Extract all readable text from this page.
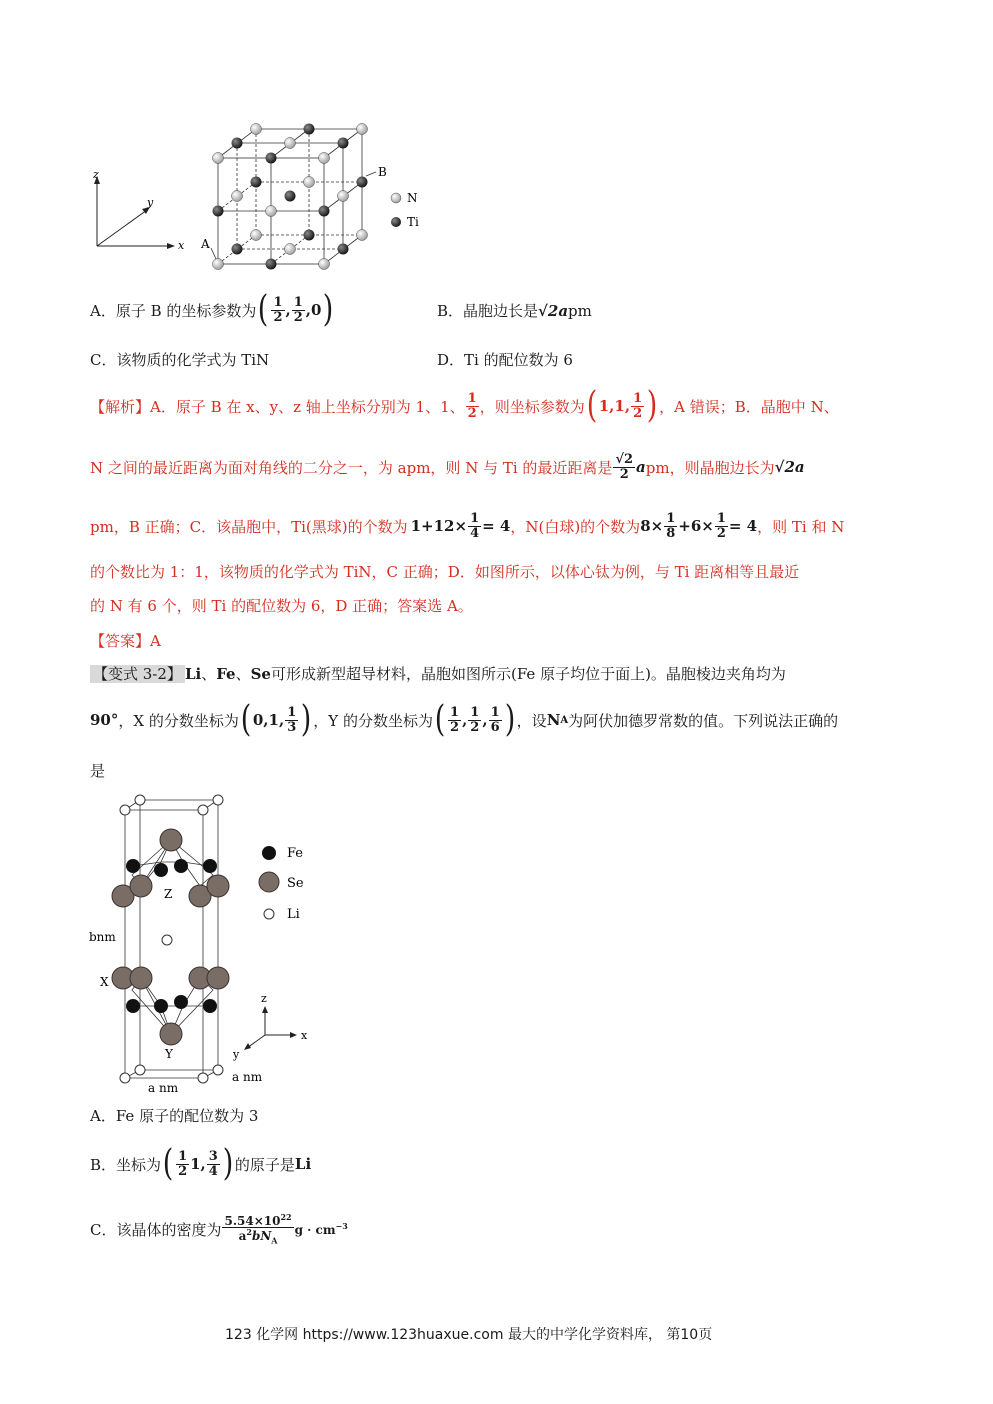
z
y
x A
B
N
Ti
A．原子 B 的坐标参数为 ( $\frac{1}{2}$ , $\frac{1}{2}$ , 0 )	B．晶胞边长是√2apm
C．该物质的化学式为 TiN	D．Ti 的配位数为 6
【解析】 A．原子 B 在 x、y、z 轴上坐标分别为 1、1、 $\frac{1}{2}$ ，则坐标参数为 ( 1,1, $\frac{1}{2}$ ) ，A 错误；B．晶胞中 N、
N 之间的最近距离为面对角线的二分之一，为 apm，则 N 与 Ti 的最近距离是 $\frac{√2}{2}$ a pm，则晶胞边长为 √2a
pm，B 正确；C．该晶胞中，Ti(黑球)的个数为 $1+12\times \frac{1}{4} = 4$ ，N(白球)的个数为 $8\times \frac{1}{8} +6\times \frac{1}{2} = 4$ ，则 Ti 和 N
的个数比为 1：1，该物质的化学式为 TiN，C 正确；D．如图所示，以体心钛为例，与 Ti 距离相等且最近
的 N 有 6 个，则 Ti 的配位数为 6，D 正确；答案选 A。
【答案】A
【变式 3-2】 Li、Fe、Se可形成新型超导材料，晶胞如图所示(Fe 原子均位于面上)。晶胞棱边夹角均为
90° ，X 的分数坐标为 ( 0,1, $\frac{1}{3}$ ) ，Y 的分数坐标为 ( $\frac{1}{2}$ , $\frac{1}{2}$ , $\frac{1}{6}$ ) ，设 N A 为阿伏加德罗常数的值。下列说法正确的
是
Z
X
Y
bnm
a nm
a nm
Fe
Se
Li
z
x
y
A．Fe 原子的配位数为 3
B．坐标为 ( $\frac{1}{2} 1$, $\frac{3}{4}$ ) 的原子是 Li
C．该晶体的密度为 $\frac{5.54\times 10^{22}}{a^2bN_A}$ $g \cdot cm^{-3}$
123 化学网 https://www.123huaxue.com 最大的中学化学资料库， 第10页
